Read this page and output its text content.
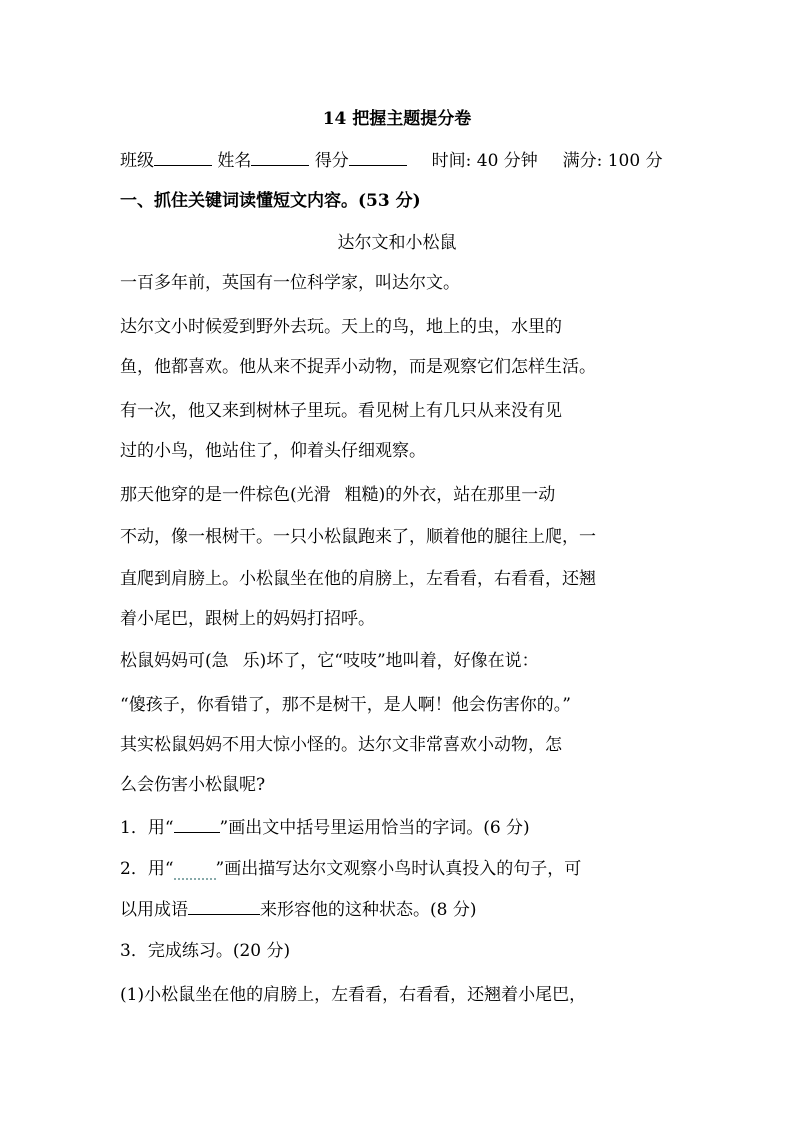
14 把握主题提分卷
班级	姓名	得分	时间: 40 分钟 满分: 100 分
一、抓住关键词读懂短文内容。(53 分)
达尔文和小松鼠
一百多年前，英国有一位科学家，叫达尔文。
达尔文小时候爱到野外去玩。天上的鸟，地上的虫，水里的
鱼，他都喜欢。他从来不捉弄小动物，而是观察它们怎样生活。
有一次，他又来到树林子里玩。看见树上有几只从来没有见
过的小鸟，他站住了，仰着头仔细观察。
那天他穿的是一件棕色(光滑 粗糙)的外衣，站在那里一动
不动，像一根树干。一只小松鼠跑来了，顺着他的腿往上爬，一
直爬到肩膀上。小松鼠坐在他的肩膀上，左看看，右看看，还翘
着小尾巴，跟树上的妈妈打招呼。
松鼠妈妈可(急 乐)坏了，它“吱吱”地叫着，好像在说：
“傻孩子，你看错了，那不是树干，是人啊！他会伤害你的。”
其实松鼠妈妈不用大惊小怪的。达尔文非常喜欢小动物，怎
么会伤害小松鼠呢?
1．用“	”画出文中括号里运用恰当的字词。(6 分)
2．用“ ”画出描写达尔文观察小鸟时认真投入的句子，可
以用成语	来形容他的这种状态。(8 分)
3．完成练习。(20 分)
(1)小松鼠坐在他的肩膀上，左看看，右看看，还翘着小尾巴，
